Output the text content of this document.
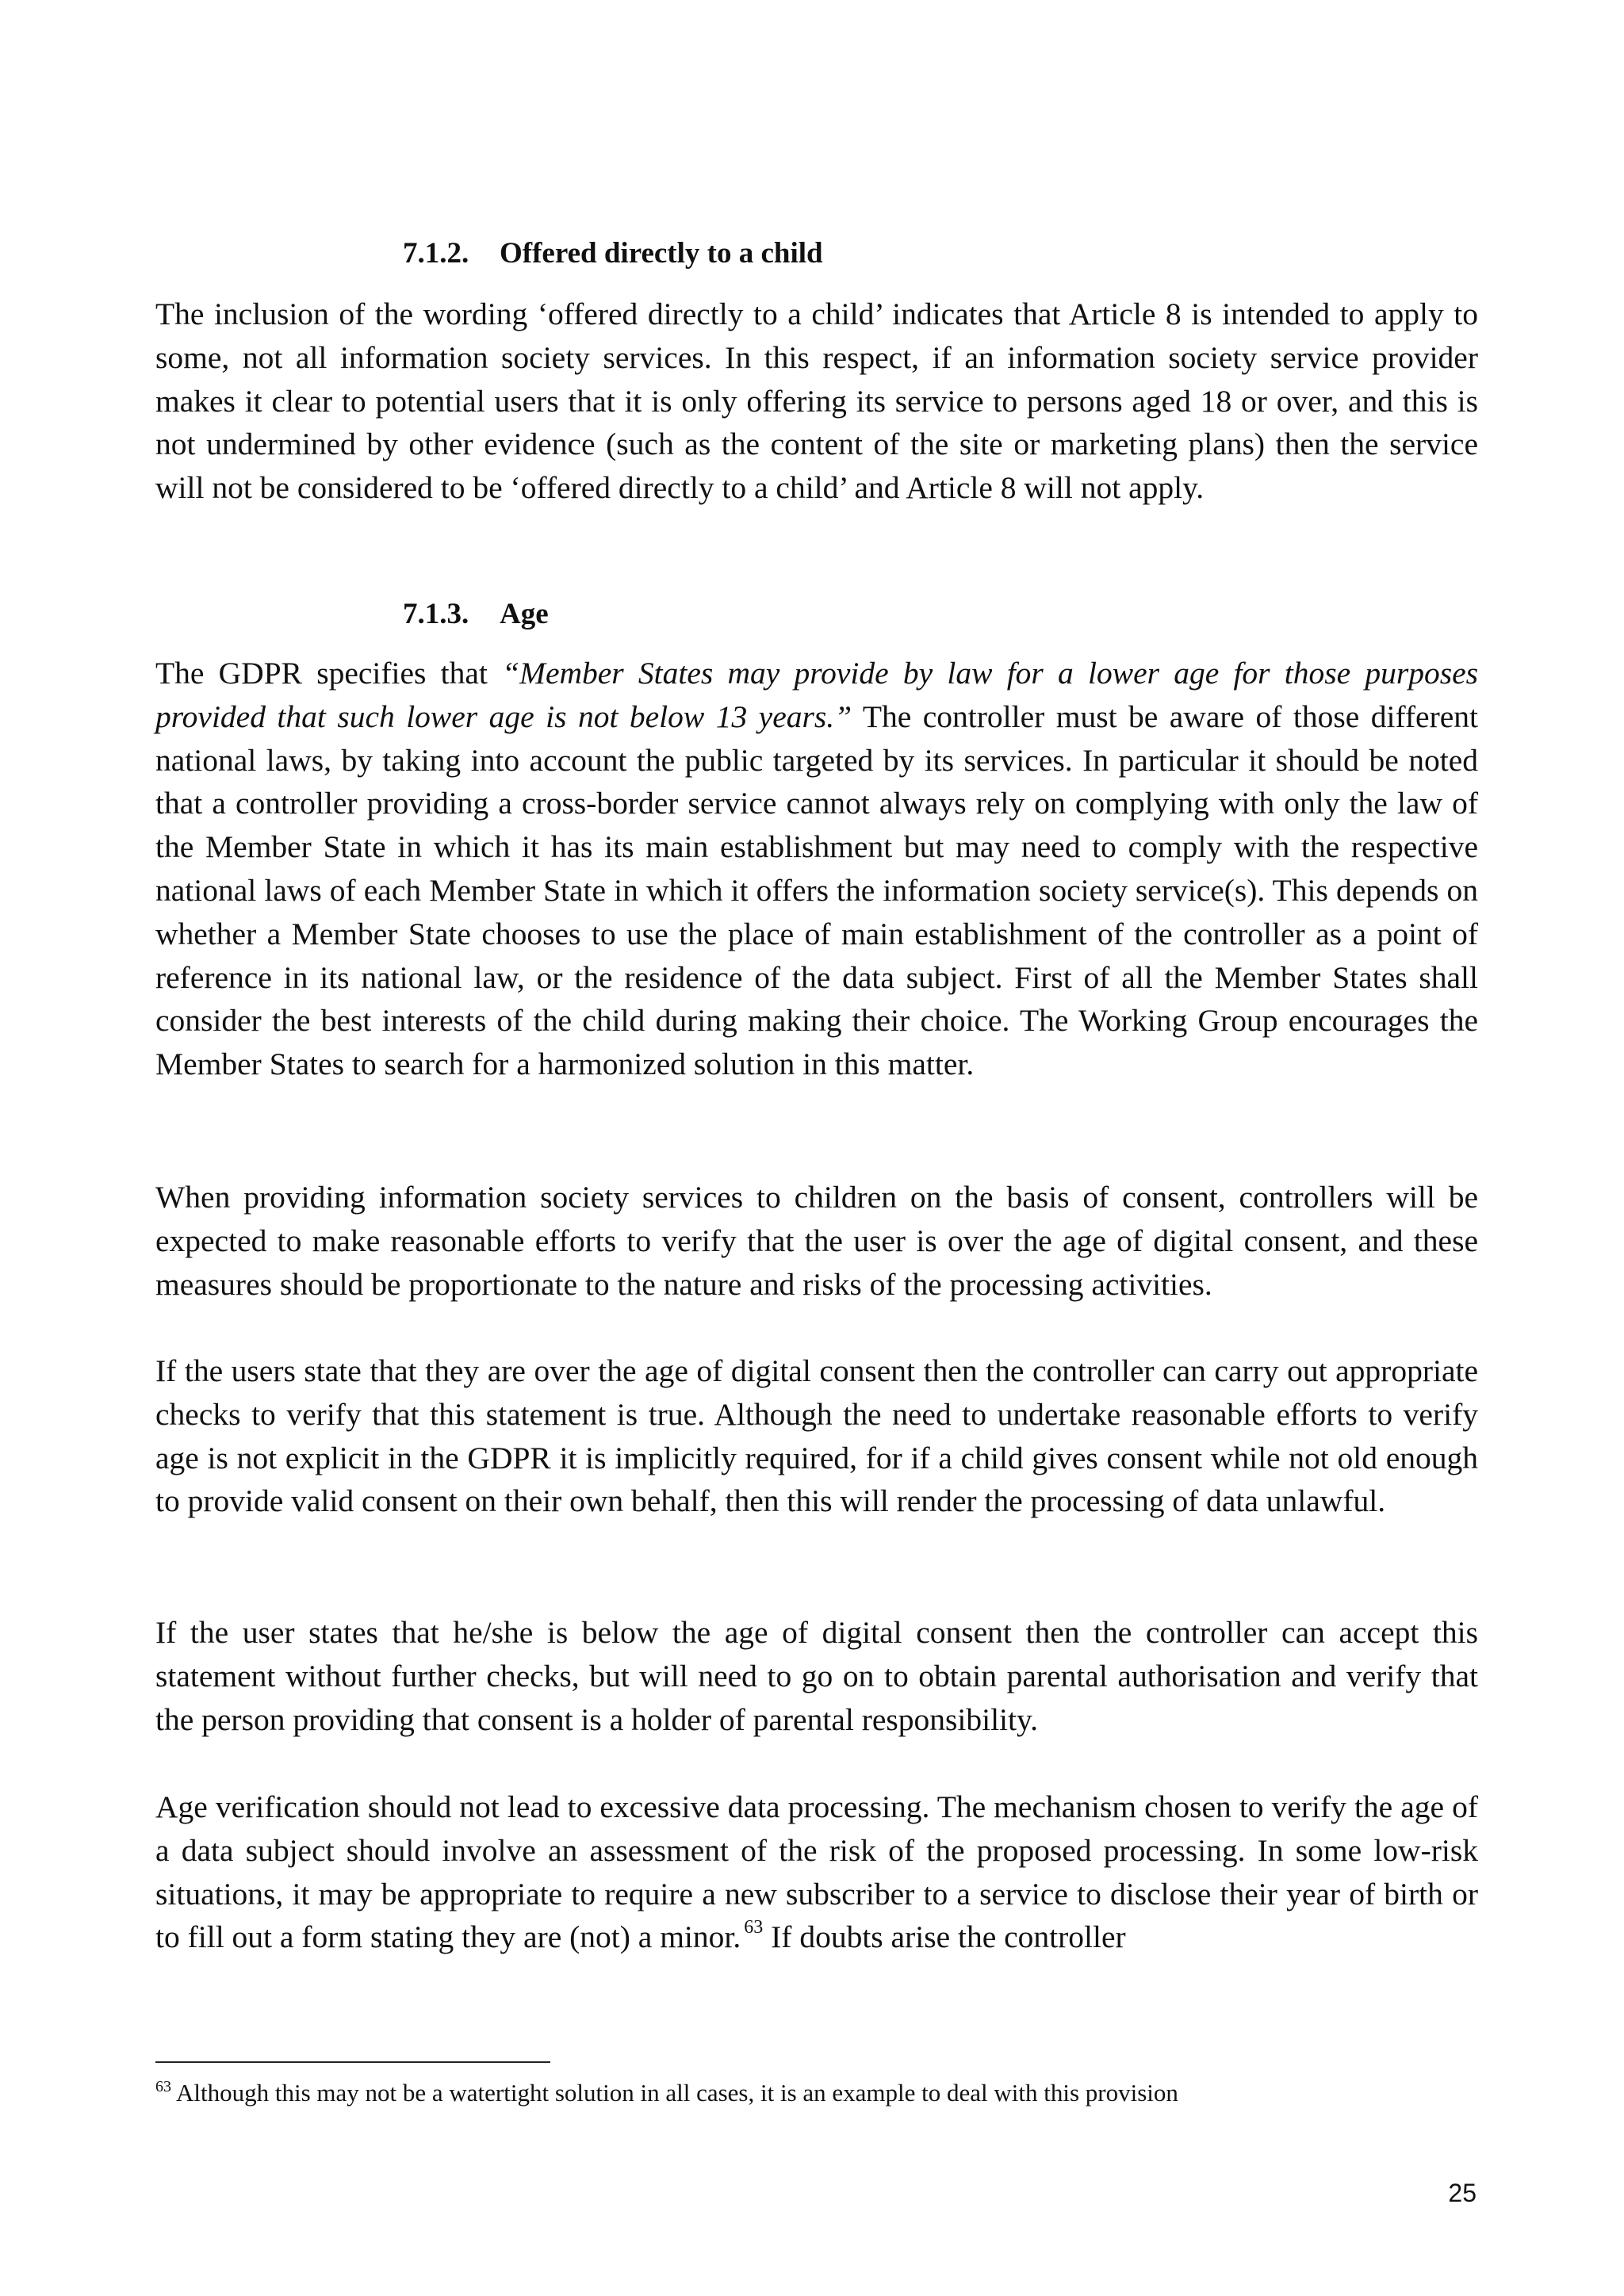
7.1.2. Offered directly to a child

The inclusion of the wording ‘offered directly to a child’ indicates that Article 8 is intended to apply to some, not all information society services. In this respect, if an information society service provider makes it clear to potential users that it is only offering its service to persons aged 18 or over, and this is not undermined by other evidence (such as the content of the site or marketing plans) then the service will not be considered to be ‘offered directly to a child’ and Article 8 will not apply.

7.1.3. Age

The GDPR specifies that “Member States may provide by law for a lower age for those purposes provided that such lower age is not below 13 years.” The controller must be aware of those different national laws, by taking into account the public targeted by its services. In particular it should be noted that a controller providing a cross-border service cannot always rely on complying with only the law of the Member State in which it has its main establishment but may need to comply with the respective national laws of each Member State in which it offers the information society service(s). This depends on whether a Member State chooses to use the place of main establishment of the controller as a point of reference in its national law, or the residence of the data subject. First of all the Member States shall consider the best interests of the child during making their choice. The Working Group encourages the Member States to search for a harmonized solution in this matter.

When providing information society services to children on the basis of consent, controllers will be expected to make reasonable efforts to verify that the user is over the age of digital consent, and these measures should be proportionate to the nature and risks of the processing activities.

If the users state that they are over the age of digital consent then the controller can carry out appropriate checks to verify that this statement is true. Although the need to undertake reasonable efforts to verify age is not explicit in the GDPR it is implicitly required, for if a child gives consent while not old enough to provide valid consent on their own behalf, then this will render the processing of data unlawful.

If the user states that he/she is below the age of digital consent then the controller can accept this statement without further checks, but will need to go on to obtain parental authorisation and verify that the person providing that consent is a holder of parental responsibility.

Age verification should not lead to excessive data processing. The mechanism chosen to verify the age of a data subject should involve an assessment of the risk of the proposed processing. In some low-risk situations, it may be appropriate to require a new subscriber to a service to disclose their year of birth or to fill out a form stating they are (not) a minor. $^{63}$ If doubts arise the controller

$^{63}$ Although this may not be a watertight solution in all cases, it is an example to deal with this provision

25
